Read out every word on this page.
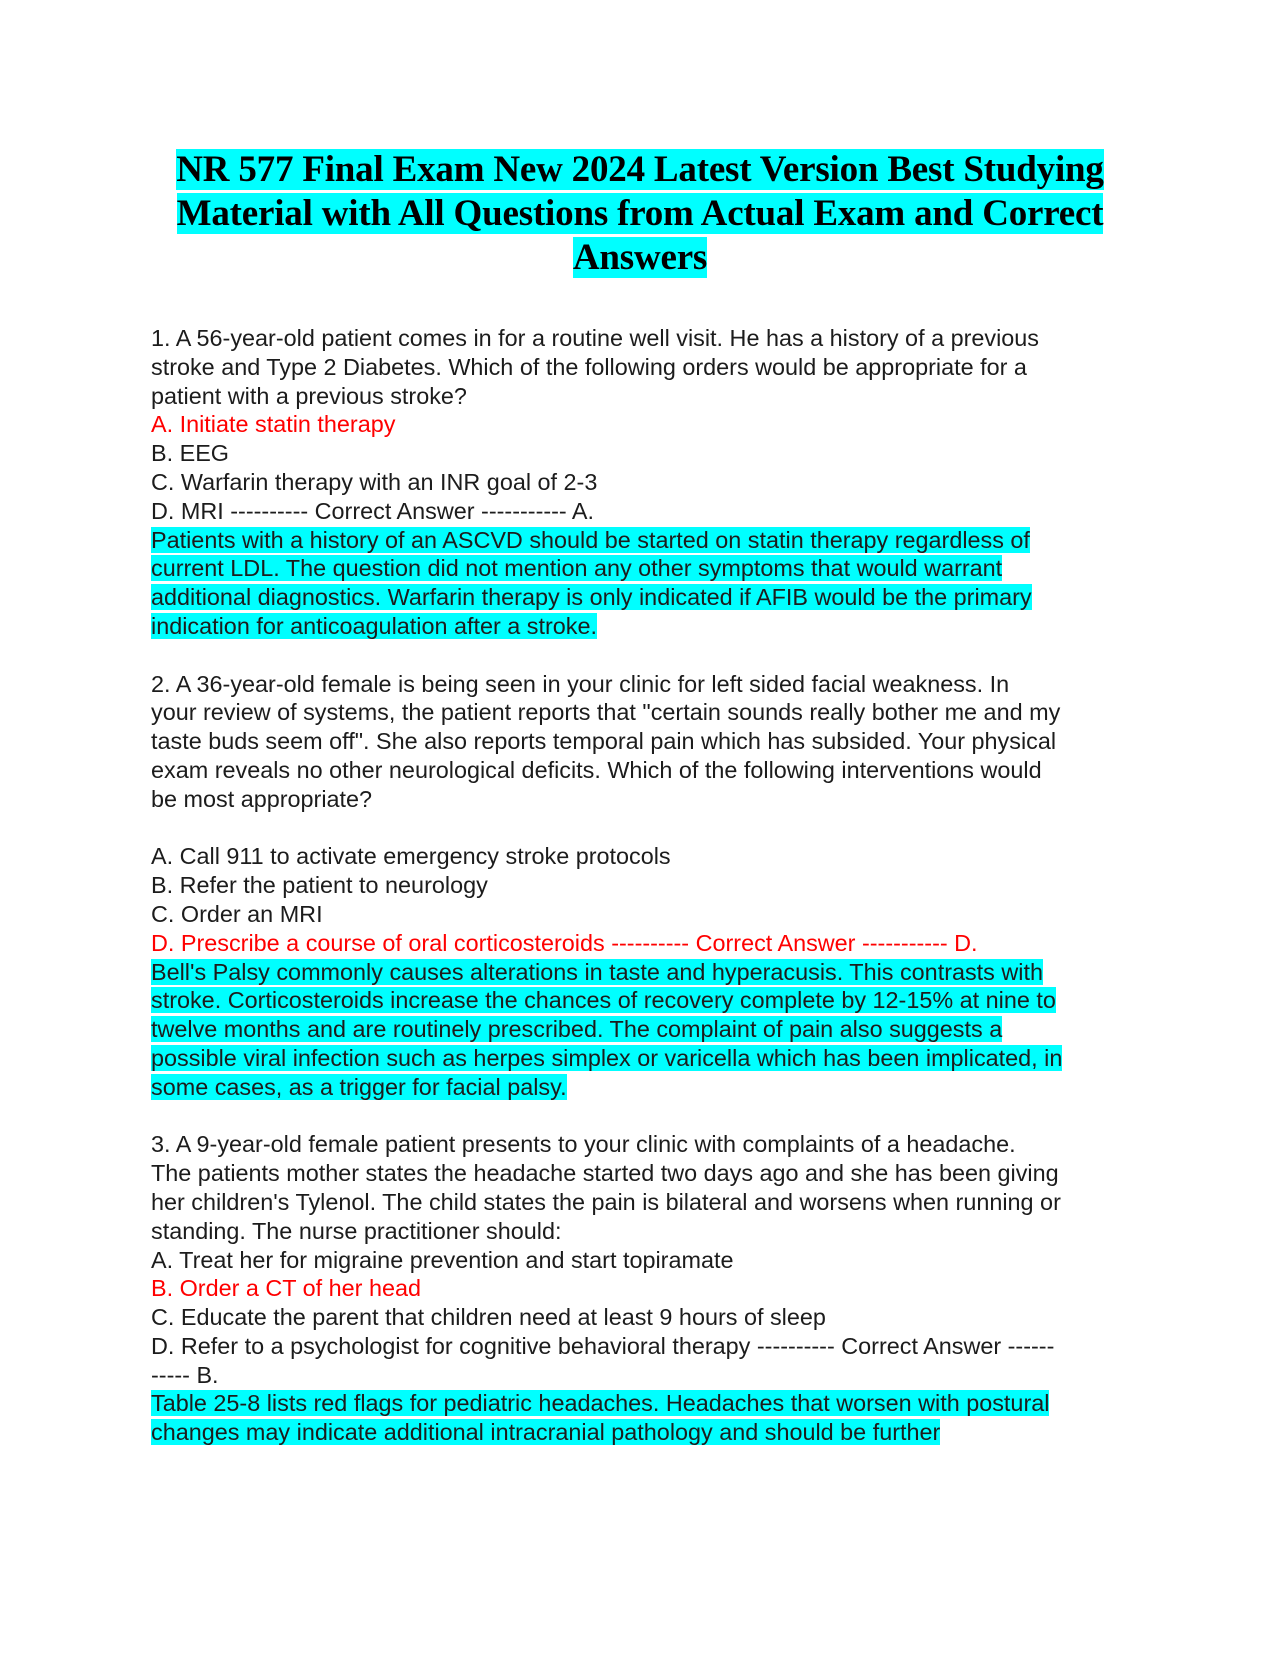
NR 577 Final Exam New 2024 Latest Version Best Studying
Material with All Questions from Actual Exam and Correct
Answers
1. A 56-year-old patient comes in for a routine well visit. He has a history of a previous
stroke and Type 2 Diabetes. Which of the following orders would be appropriate for a
patient with a previous stroke?
A. Initiate statin therapy
B. EEG
C. Warfarin therapy with an INR goal of 2-3
D. MRI ---------- Correct Answer ----------- A.
Patients with a history of an ASCVD should be started on statin therapy regardless of
current LDL. The question did not mention any other symptoms that would warrant
additional diagnostics. Warfarin therapy is only indicated if AFIB would be the primary
indication for anticoagulation after a stroke.
2. A 36-year-old female is being seen in your clinic for left sided facial weakness. In
your review of systems, the patient reports that "certain sounds really bother me and my
taste buds seem off". She also reports temporal pain which has subsided. Your physical
exam reveals no other neurological deficits. Which of the following interventions would
be most appropriate?
A. Call 911 to activate emergency stroke protocols
B. Refer the patient to neurology
C. Order an MRI
D. Prescribe a course of oral corticosteroids ---------- Correct Answer ----------- D.
Bell's Palsy commonly causes alterations in taste and hyperacusis. This contrasts with
stroke. Corticosteroids increase the chances of recovery complete by 12-15% at nine to
twelve months and are routinely prescribed. The complaint of pain also suggests a
possible viral infection such as herpes simplex or varicella which has been implicated, in
some cases, as a trigger for facial palsy.
3. A 9-year-old female patient presents to your clinic with complaints of a headache.
The patients mother states the headache started two days ago and she has been giving
her children's Tylenol. The child states the pain is bilateral and worsens when running or
standing. The nurse practitioner should:
A. Treat her for migraine prevention and start topiramate
B. Order a CT of her head
C. Educate the parent that children need at least 9 hours of sleep
D. Refer to a psychologist for cognitive behavioral therapy ---------- Correct Answer ------
----- B.
Table 25-8 lists red flags for pediatric headaches. Headaches that worsen with postural
changes may indicate additional intracranial pathology and should be further
